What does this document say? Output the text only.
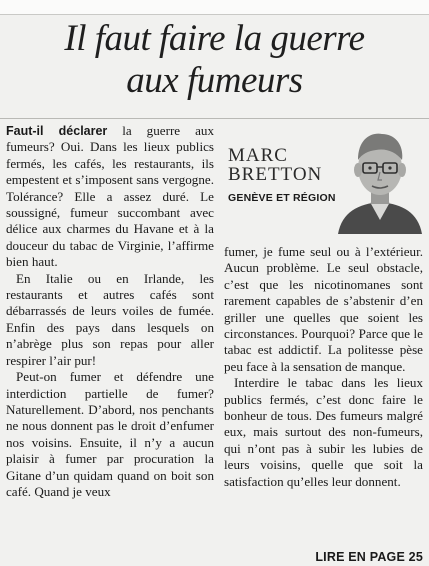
Il faut faire la guerre
aux fumeurs

Faut-il déclarer la guerre aux fumeurs? Oui. Dans les lieux publics fermés, les cafés, les restaurants, ils empestent et s’imposent sans vergogne. Tolérance? Elle a assez duré. Le soussigné, fumeur succombant avec délice aux charmes du Havane et à la douceur du tabac de Virginie, l’affirme bien haut.

En Italie ou en Irlande, les restaurants et autres cafés sont débarrassés de leurs voiles de fumée. Enfin des pays dans lesquels on n’abrège plus son repas pour aller respirer l’air pur!

Peut-on fumer et défendre une interdiction partielle de fumer? Naturellement. D’abord, nos penchants ne nous donnent pas le droit d’enfumer nos voisins. Ensuite, il n’y a aucun plaisir à fumer par procuration la Gitane d’un quidam quand on boit son café. Quand je veux

MARC
BRETTON
GENÈVE ET RÉGION

fumer, je fume seul ou à l’extérieur. Aucun problème. Le seul obstacle, c’est que les nicotinomanes sont rarement capables de s’abstenir d’en griller une quelles que soient les circonstances. Pourquoi? Parce que le tabac est addictif. La politesse pèse peu face à la sensation de manque.

Interdire le tabac dans les lieux publics fermés, c’est donc faire le bonheur de tous. Des fumeurs malgré eux, mais surtout des non-fumeurs, qui n’ont pas à subir les lubies de leurs voisins, quelle que soit la satisfaction qu’elles leur donnent.

LIRE EN PAGE 25
